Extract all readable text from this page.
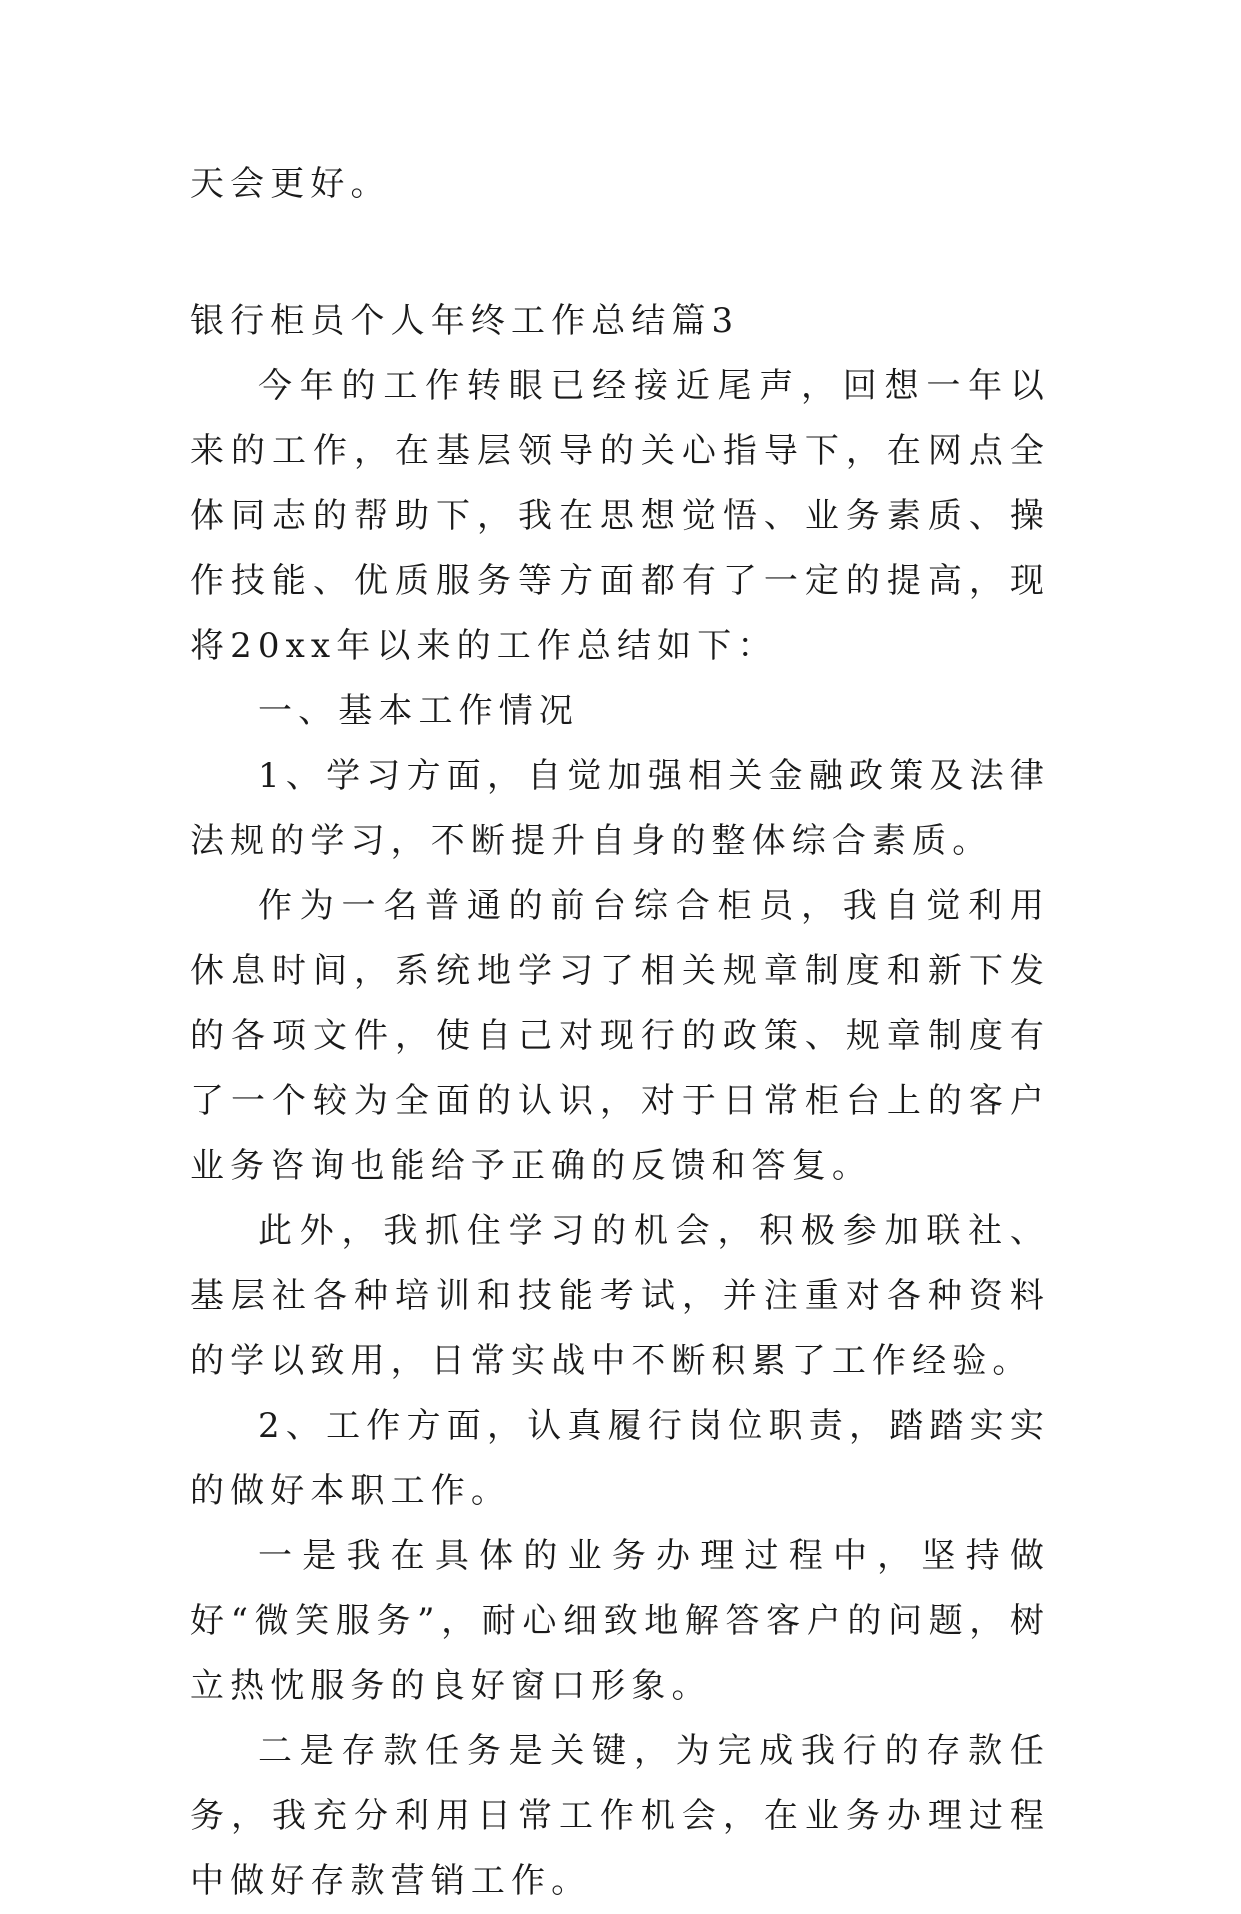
天会更好。

银行柜员个人年终工作总结篇3

今年的工作转眼已经接近尾声，回想一年以来的工作，在基层领导的关心指导下，在网点全体同志的帮助下，我在思想觉悟、业务素质、操作技能、优质服务等方面都有了一定的提高，现将20xx年以来的工作总结如下：

一、基本工作情况

1、学习方面，自觉加强相关金融政策及法律法规的学习，不断提升自身的整体综合素质。

作为一名普通的前台综合柜员，我自觉利用休息时间，系统地学习了相关规章制度和新下发的各项文件，使自己对现行的政策、规章制度有了一个较为全面的认识，对于日常柜台上的客户业务咨询也能给予正确的反馈和答复。

此外，我抓住学习的机会，积极参加联社、基层社各种培训和技能考试，并注重对各种资料的学以致用，日常实战中不断积累了工作经验。

2、工作方面，认真履行岗位职责，踏踏实实的做好本职工作。

一是我在具体的业务办理过程中，坚持做好“微笑服务”，耐心细致地解答客户的问题，树立热忱服务的良好窗口形象。

二是存款任务是关键，为完成我行的存款任务，我充分利用日常工作机会，在业务办理过程中做好存款营销工作。
